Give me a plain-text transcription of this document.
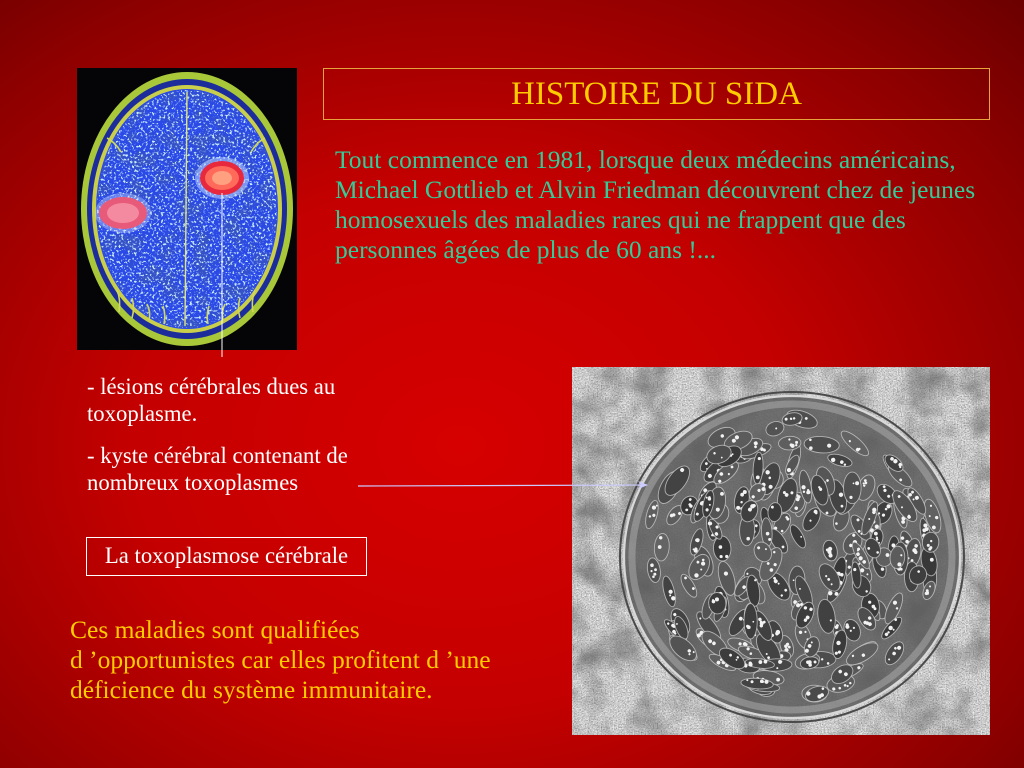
HISTOIRE DU SIDA
Tout commence en 1981, lorsque deux médecins américains,
Michael Gottlieb et Alvin Friedman découvrent chez de jeunes
homosexuels des maladies rares qui ne frappent que des
personnes âgées de plus de 60 ans !...
- lésions cérébrales dues au
toxoplasme.
- kyste cérébral contenant de
nombreux toxoplasmes
La toxoplasmose cérébrale
Ces maladies sont qualifiées
d ’opportunistes car elles profitent d ’une
déficience du système immunitaire.
